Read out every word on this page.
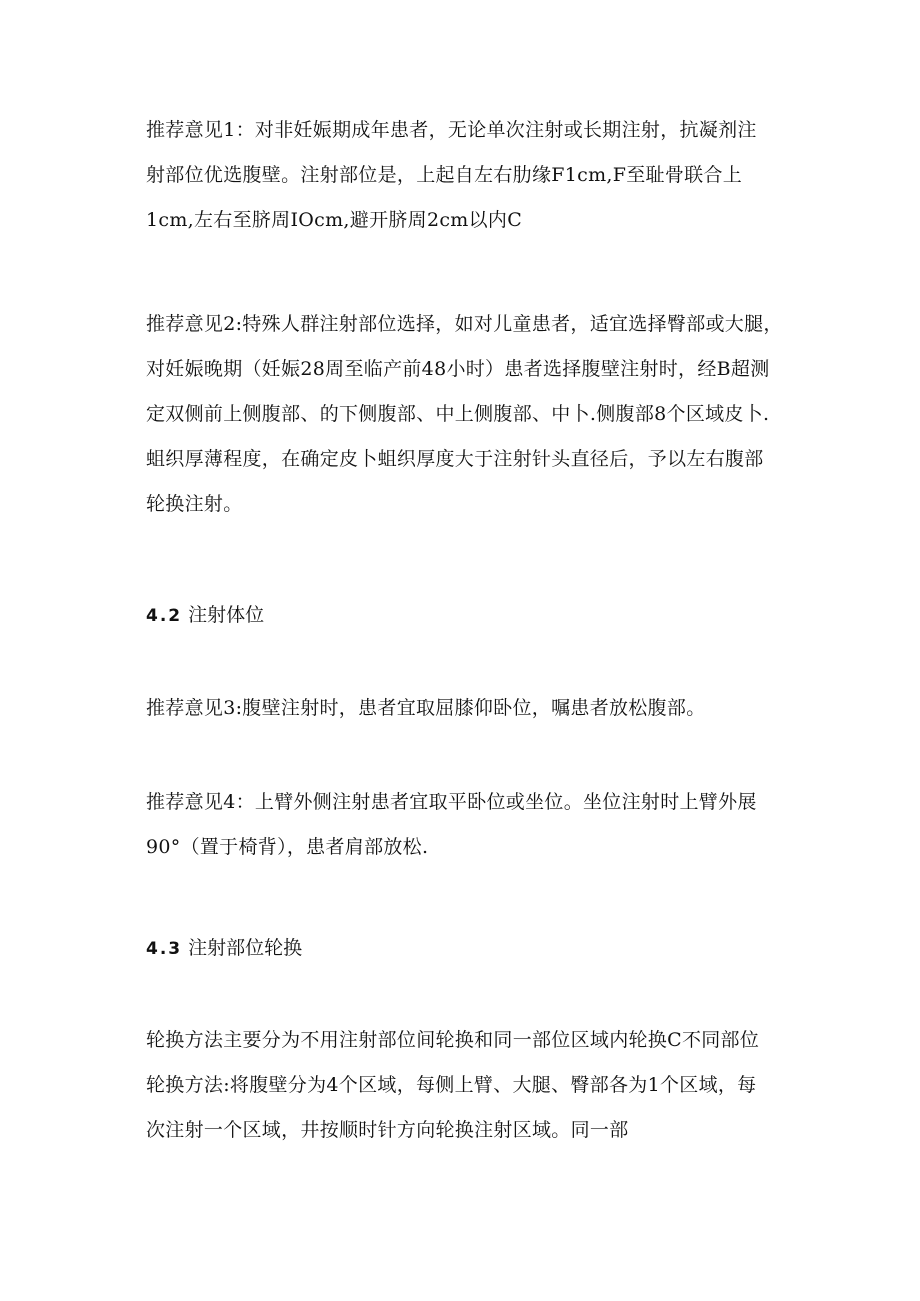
推荐意见1：对非妊娠期成年患者，无论单次注射或长期注射，抗凝剂注
射部位优选腹壁。注射部位是，上起自左右肋缘F1cm,F至耻骨联合上
1cm,左右至脐周IOcm,避开脐周2cm以内C
推荐意见2:特殊人群注射部位选择，如对儿童患者，适宜选择臀部或大腿，
对妊娠晚期（妊娠28周至临产前48小时）患者选择腹壁注射时，经B超测
定双侧前上侧腹部、的下侧腹部、中上侧腹部、中卜.侧腹部8个区域皮卜.
蛆织厚薄程度，在确定皮卜蛆织厚度大于注射针头直径后，予以左右腹部
轮换注射。
4.2 注射体位
推荐意见3:腹壁注射时，患者宜取屈膝仰卧位，嘱患者放松腹部。
推荐意见4：上臂外侧注射患者宜取平卧位或坐位。坐位注射时上臂外展
90°（置于椅背），患者肩部放松.
4.3 注射部位轮换
轮换方法主要分为不用注射部位间轮换和同一部位区域内轮换C不同部位
轮换方法:将腹壁分为4个区域，每侧上臂、大腿、臀部各为1个区域，每
次注射一个区域，井按顺时针方向轮换注射区域。同一部
